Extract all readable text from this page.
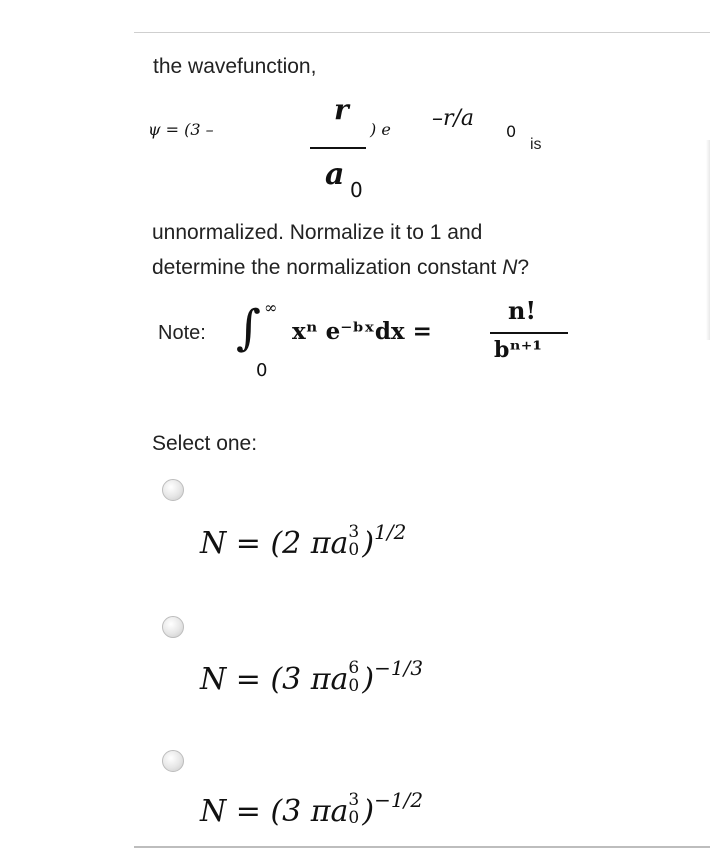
the wavefunction,
ψ = (3 –
r
a 0
) e –r/a
0
is
unnormalized. Normalize it to 1 and
determine the normalization constant N?
Note: ∫ ∞
0
xⁿ e⁻ᵇˣdx =
n!
bⁿ⁺¹
Select one:
N = (2 πa 3
0 )$^{1/2}$
N = (3 πa 6
0 )$^{-1/3}$
N = (3 πa 3
0 )$^{-1/2}$
